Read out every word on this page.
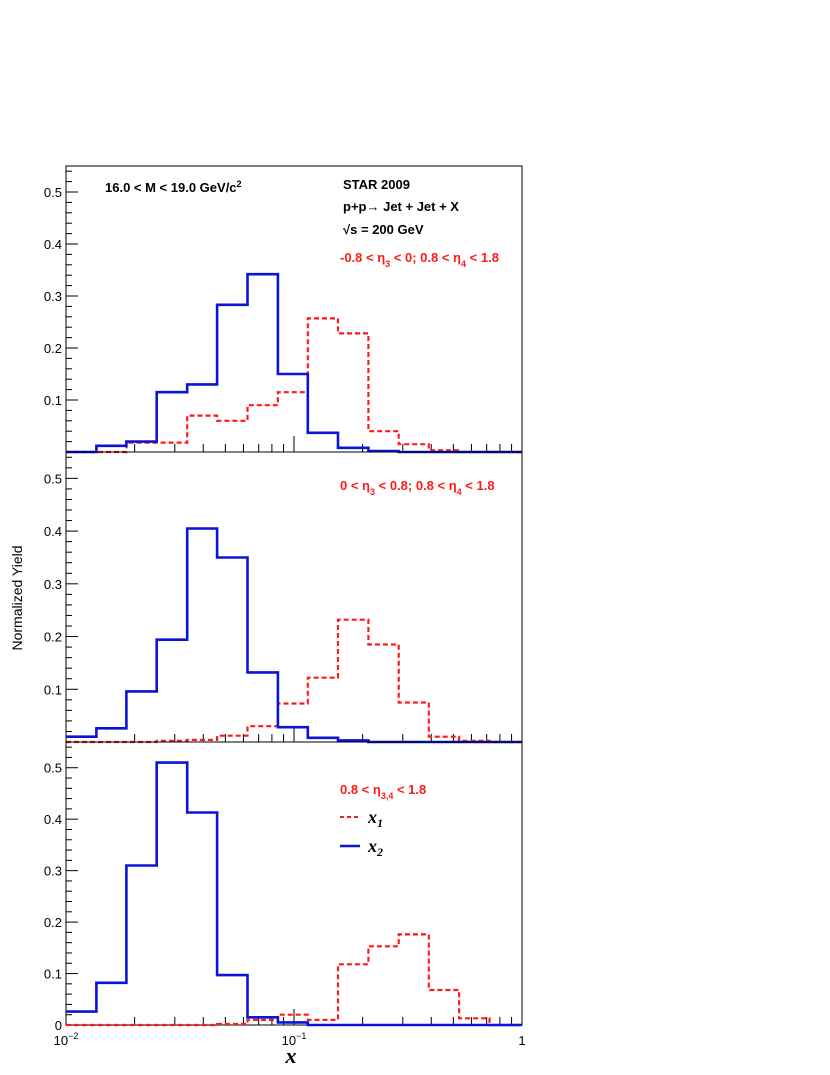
0.1
0.2
0.3
0.4
0.5
0.1
0.2
0.3
0.4
0.5
0
0.1
0.2
0.3
0.4
0.5
Normalized Yield
x
16.0 < M < 19.0 GeV/$c^2$	STAR 2009
p+p→ Jet + Jet + X
√s = 200 GeV
$-0.8 < \eta_3 < 0$; $0.8 < \eta_4 < 1.8$
$0 < \eta_3 < 0.8$; $0.8 < \eta_4 < 1.8$
$0.8 < \eta_{3,4} < 1.8$
$x_1$
$x_2$
$10^{-2}$	$10^{-1}$	1
